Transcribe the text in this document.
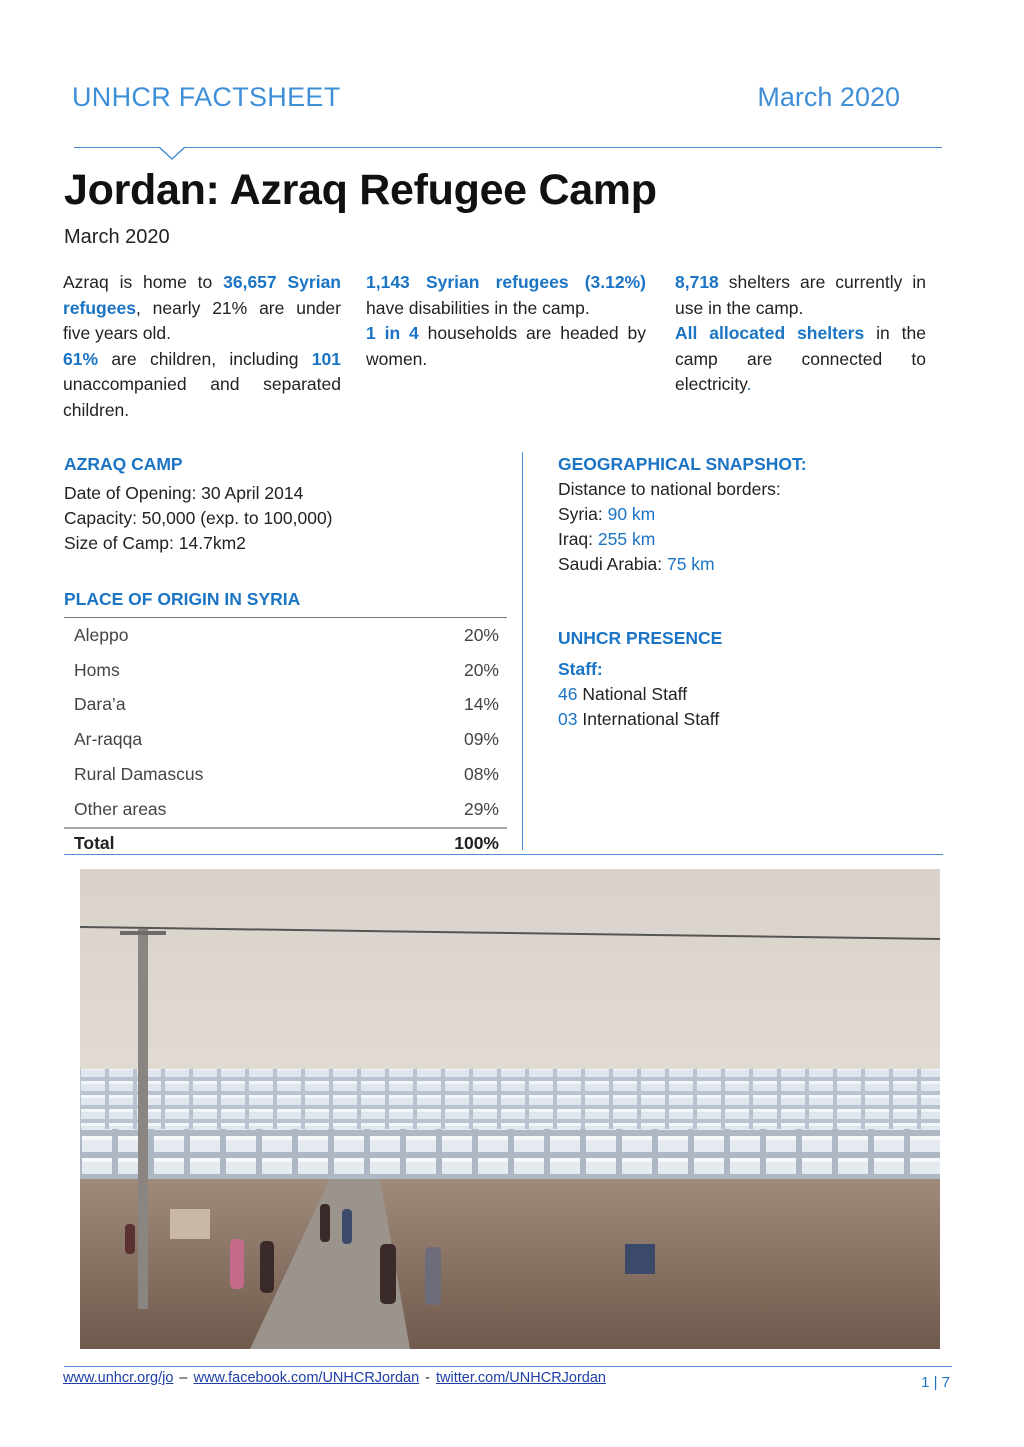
UNHCR FACTSHEET	March 2020
Jordan: Azraq Refugee Camp
March 2020

Azraq is home to 36,657 Syrian refugees, nearly 21% are under five years old.

61% are children, including 101 unaccompanied and separated children.

1,143 Syrian refugees (3.12%) have disabilities in the camp.

1 in 4 households are headed by women.

8,718 shelters are currently in use in the camp.

All allocated shelters in the camp are connected to electricity.

AZRAQ CAMP
Date of Opening: 30 April 2014
Capacity: 50,000 (exp. to 100,000)
Size of Camp: 14.7km2
PLACE OF ORIGIN IN SYRIA
Aleppo	20%
Homs	20%
Dara’a	14%
Ar-raqqa	09%
Rural Damascus	08%
Other areas	29%
Total	100%
GEOGRAPHICAL SNAPSHOT:
Distance to national borders:
Syria: 90 km
Iraq: 255 km
Saudi Arabia: 75 km
UNHCR PRESENCE
Staff:
46 National Staff
03 International Staff
www.unhcr.org/jo – www.facebook.com/UNHCRJordan - twitter.com/UNHCRJordan	1 | 7
